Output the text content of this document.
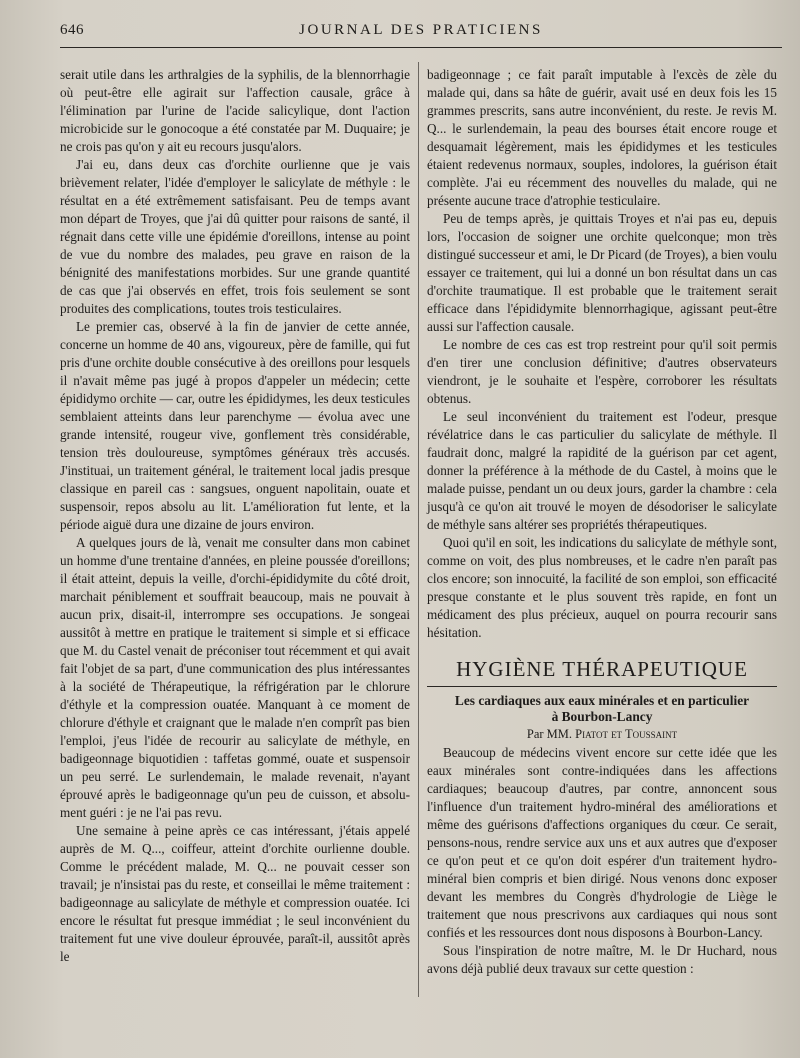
646	JOURNAL DES PRATICIENS

serait utile dans les arthralgies de la syphilis, de la blennorrhagie où peut-être elle agirait sur l'affection causale, grâce à l'élimination par l'urine de l'acide salicylique, dont l'action microbicide sur le gonocoque a été constatée par M. Duquaire; je ne crois pas qu'on y ait eu recours jusqu'alors.

J'ai eu, dans deux cas d'orchite ourlienne que je vais brièvement relater, l'idée d'employer le salicylate de méthyle : le résultat en a été extrêmement satisfaisant. Peu de temps avant mon départ de Troyes, que j'ai dû quitter pour raisons de santé, il régnait dans cette ville une épidémie d'oreillons, intense au point de vue du nombre des malades, peu grave en raison de la bénignité des manifestations morbides. Sur une grande quantité de cas que j'ai observés en effet, trois fois seulement se sont produites des complications, toutes trois testiculaires.

Le premier cas, observé à la fin de janvier de cette année, concerne un homme de 40 ans, vigoureux, père de famille, qui fut pris d'une orchite double consécutive à des oreillons pour lesquels il n'avait même pas jugé à propos d'appeler un médecin; cette épididymo orchite — car, outre les épididymes, les deux testicules semblaient atteints dans leur parenchyme — évolua avec une grande intensité, rougeur vive, gonflement très considérable, tension très douloureuse, symptômes généraux très accusés. J'instituai, un traitement général, le traitement local jadis presque classique en pareil cas : sangsues, onguent napolitain, ouate et suspensoir, repos absolu au lit. L'amélioration fut lente, et la période aiguë dura une dizaine de jours environ.

A quelques jours de là, venait me consulter dans mon cabinet un homme d'une trentaine d'années, en pleine poussée d'oreillons; il était atteint, depuis la veille, d'orchi-épididymite du côté droit, marchait péniblement et souffrait beaucoup, mais ne pouvait à aucun prix, disait-il, interrompre ses occupations. Je songeai aussitôt à mettre en pratique le traitement si simple et si efficace que M. du Castel venait de préconiser tout récemment et qui avait fait l'objet de sa part, d'une communication des plus intéressantes à la société de Thérapeutique, la réfrigération par le chlorure d'éthyle et la compression ouatée. Manquant à ce moment de chlorure d'éthyle et craignant que le malade n'en comprît pas bien l'emploi, j'eus l'idée de recourir au salicylate de méthyle, en badigeonnage biquotidien : taffetas gommé, ouate et suspensoir un peu serré. Le surlendemain, le malade revenait, n'ayant éprouvé après le badigeonnage qu'un peu de cuisson, et absolument guéri : je ne l'ai pas revu.

Une semaine à peine après ce cas intéressant, j'étais appelé auprès de M. Q..., coiffeur, atteint d'orchite ourlienne double. Comme le précédent malade, M. Q... ne pouvait cesser son travail; je n'insistai pas du reste, et conseillai le même traitement : badigeonnage au salicylate de méthyle et compression ouatée. Ici encore le résultat fut presque immédiat ; le seul inconvénient du traitement fut une vive douleur éprouvée, paraît-il, aussitôt après le

badigeonnage ; ce fait paraît imputable à l'excès de zèle du malade qui, dans sa hâte de guérir, avait usé en deux fois les 15 grammes prescrits, sans autre inconvénient, du reste. Je revis M. Q... le surlendemain, la peau des bourses était encore rouge et desquamait légèrement, mais les épididymes et les testicules étaient redevenus normaux, souples, indolores, la guérison était complète. J'ai eu récemment des nouvelles du malade, qui ne présente aucune trace d'atrophie testiculaire.

Peu de temps après, je quittais Troyes et n'ai pas eu, depuis lors, l'occasion de soigner une orchite quelconque; mon très distingué successeur et ami, le Dr Picard (de Troyes), a bien voulu essayer ce traitement, qui lui a donné un bon résultat dans un cas d'orchite traumatique. Il est probable que le traitement serait efficace dans l'épididymite blennorrhagique, agissant peut-être aussi sur l'affection causale.

Le nombre de ces cas est trop restreint pour qu'il soit permis d'en tirer une conclusion définitive; d'autres observateurs viendront, je le souhaite et l'espère, corroborer les résultats obtenus.

Le seul inconvénient du traitement est l'odeur, presque révélatrice dans le cas particulier du salicylate de méthyle. Il faudrait donc, malgré la rapidité de la guérison par cet agent, donner la préférence à la méthode de du Castel, à moins que le malade puisse, pendant un ou deux jours, garder la chambre : cela jusqu'à ce qu'on ait trouvé le moyen de désodoriser le salicylate de méthyle sans altérer ses propriétés thérapeutiques.

Quoi qu'il en soit, les indications du salicylate de méthyle sont, comme on voit, des plus nombreuses, et le cadre n'en paraît pas clos encore; son innocuité, la facilité de son emploi, son efficacité presque constante et le plus souvent très rapide, en font un médicament des plus précieux, auquel on pourra recourir sans hésitation.

HYGIÈNE THÉRAPEUTIQUE
Les cardiaques aux eaux minérales et en particulier
à Bourbon-Lancy
Par MM. Piatot et Toussaint

Beaucoup de médecins vivent encore sur cette idée que les eaux minérales sont contre-indiquées dans les affections cardiaques; beaucoup d'autres, par contre, annoncent sous l'influence d'un traitement hydro-minéral des améliorations et même des guérisons d'affections organiques du cœur. Ce serait, pensons-nous, rendre service aux uns et aux autres que d'exposer ce qu'on peut et ce qu'on doit espérer d'un traitement hydro-minéral bien compris et bien dirigé. Nous venons donc exposer devant les membres du Congrès d'hydrologie de Liège le traitement que nous prescrivons aux cardiaques qui nous sont confiés et les ressources dont nous disposons à Bourbon-Lancy.

Sous l'inspiration de notre maître, M. le Dr Huchard, nous avons déjà publié deux travaux sur cette question :
